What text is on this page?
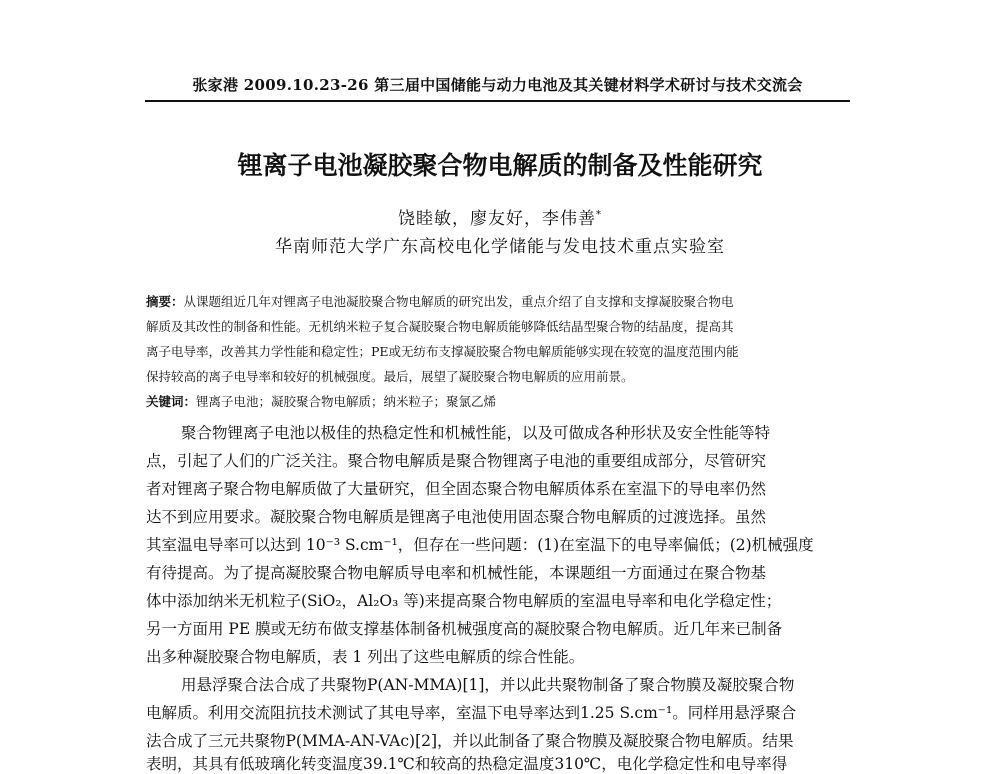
张家港 2009.10.23-26 第三届中国储能与动力电池及其关键材料学术研讨与技术交流会
锂离子电池凝胶聚合物电解质的制备及性能研究
饶睦敏，廖友好，李伟善*
华南师范大学广东高校电化学储能与发电技术重点实验室
摘要：从课题组近几年对锂离子电池凝胶聚合物电解质的研究出发，重点介绍了自支撑和支撑凝胶聚合物电
解质及其改性的制备和性能。无机纳米粒子复合凝胶聚合物电解质能够降低结晶型聚合物的结晶度，提高其
离子电导率，改善其力学性能和稳定性；PE或无纺布支撑凝胶聚合物电解质能够实现在较宽的温度范围内能
保持较高的离子电导率和较好的机械强度。最后，展望了凝胶聚合物电解质的应用前景。
关键词：锂离子电池；凝胶聚合物电解质；纳米粒子；聚氯乙烯
聚合物锂离子电池以极佳的热稳定性和机械性能，以及可做成各种形状及安全性能等特
点，引起了人们的广泛关注。聚合物电解质是聚合物锂离子电池的重要组成部分，尽管研究
者对锂离子聚合物电解质做了大量研究，但全固态聚合物电解质体系在室温下的导电率仍然
达不到应用要求。凝胶聚合物电解质是锂离子电池使用固态聚合物电解质的过渡选择。虽然
其室温电导率可以达到 10⁻³ S.cm⁻¹，但存在一些问题：(1)在室温下的电导率偏低；(2)机械强度
有待提高。为了提高凝胶聚合物电解质导电率和机械性能，本课题组一方面通过在聚合物基
体中添加纳米无机粒子(SiO₂，Al₂O₃ 等)来提高聚合物电解质的室温电导率和电化学稳定性；
另一方面用 PE 膜或无纺布做支撑基体制备机械强度高的凝胶聚合物电解质。近几年来已制备
出多种凝胶聚合物电解质，表 1 列出了这些电解质的综合性能。
用悬浮聚合法合成了共聚物P(AN-MMA)[1]，并以此共聚物制备了聚合物膜及凝胶聚合物
电解质。利用交流阻抗技术测试了其电导率，室温下电导率达到1.25 S.cm⁻¹。同样用悬浮聚合
法合成了三元共聚物P(MMA-AN-VAc)[2]，并以此制备了聚合物膜及凝胶聚合物电解质。结果
表明，其具有低玻璃化转变温度39.1℃和较高的热稳定温度310℃，电化学稳定性和电导率得
